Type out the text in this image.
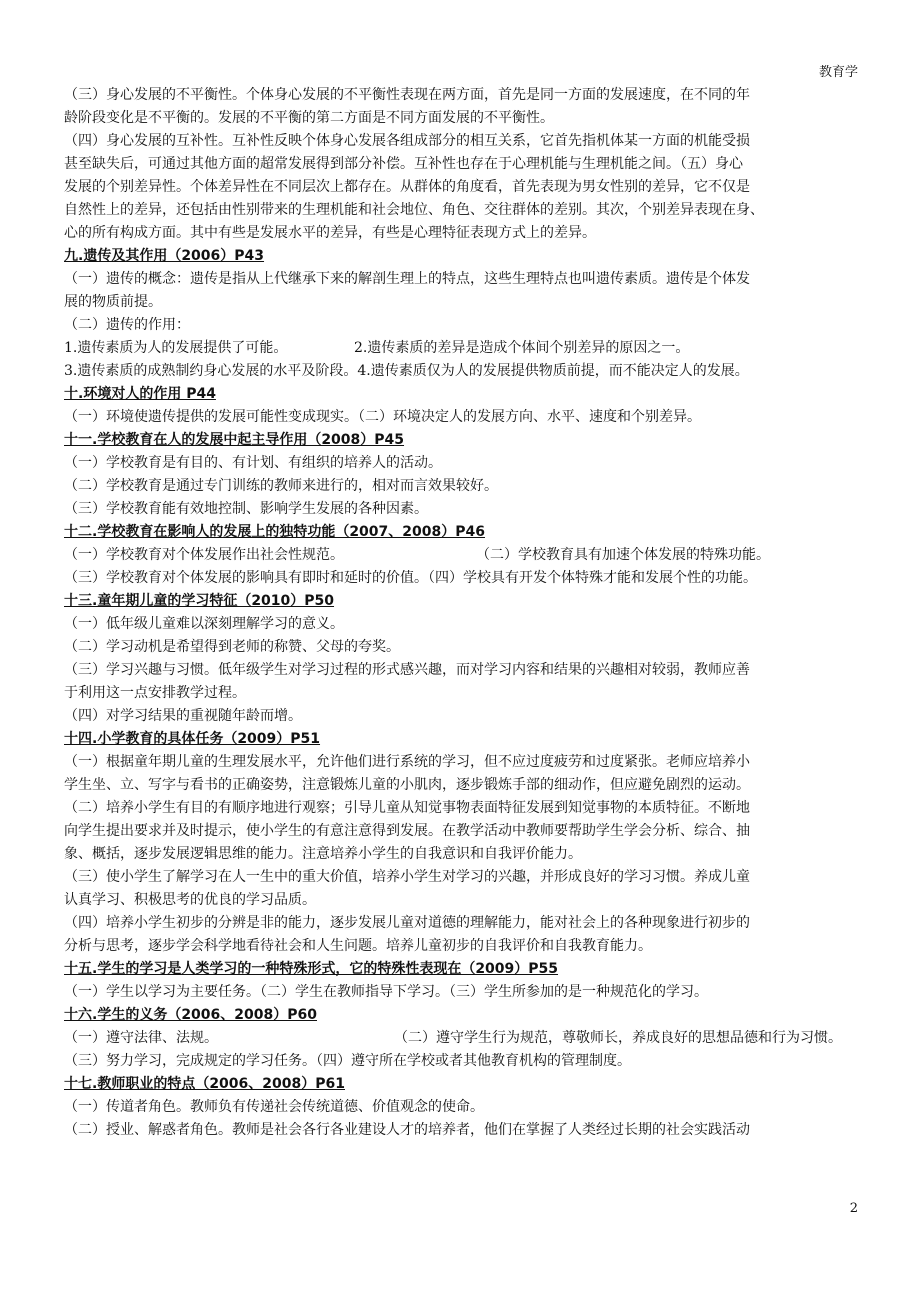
教育学

（三）身心发展的不平衡性。个体身心发展的不平衡性表现在两方面，首先是同一方面的发展速度，在不同的年

龄阶段变化是不平衡的。发展的不平衡的第二方面是不同方面发展的不平衡性。

（四）身心发展的互补性。互补性反映个体身心发展各组成部分的相互关系，它首先指机体某一方面的机能受损

甚至缺失后，可通过其他方面的超常发展得到部分补偿。互补性也存在于心理机能与生理机能之间。（五）身心

发展的个别差异性。个体差异性在不同层次上都存在。从群体的角度看，首先表现为男女性别的差异，它不仅是

自然性上的差异，还包括由性别带来的生理机能和社会地位、角色、交往群体的差别。其次，个别差异表现在身、

心的所有构成方面。其中有些是发展水平的差异，有些是心理特征表现方式上的差异。

九.遗传及其作用（2006）P43

（一）遗传的概念：遗传是指从上代继承下来的解剖生理上的特点，这些生理特点也叫遗传素质。遗传是个体发

展的物质前提。

（二）遗传的作用：

1.遗传素质为人的发展提供了可能。	2.遗传素质的差异是造成个体间个别差异的原因之一。

3.遗传素质的成熟制约身心发展的水平及阶段。4.遗传素质仅为人的发展提供物质前提，而不能决定人的发展。

十.环境对人的作用 P44

（一）环境使遗传提供的发展可能性变成现实。（二）环境决定人的发展方向、水平、速度和个别差异。

十一.学校教育在人的发展中起主导作用（2008）P45

（一）学校教育是有目的、有计划、有组织的培养人的活动。

（二）学校教育是通过专门训练的教师来进行的，相对而言效果较好。

（三）学校教育能有效地控制、影响学生发展的各种因素。

十二.学校教育在影响人的发展上的独特功能（2007、2008）P46

（一）学校教育对个体发展作出社会性规范。	（二）学校教育具有加速个体发展的特殊功能。

（三）学校教育对个体发展的影响具有即时和延时的价值。（四）学校具有开发个体特殊才能和发展个性的功能。

十三.童年期儿童的学习特征（2010）P50

（一）低年级儿童难以深刻理解学习的意义。

（二）学习动机是希望得到老师的称赞、父母的夸奖。

（三）学习兴趣与习惯。低年级学生对学习过程的形式感兴趣，而对学习内容和结果的兴趣相对较弱，教师应善

于利用这一点安排教学过程。

（四）对学习结果的重视随年龄而增。

十四.小学教育的具体任务（2009）P51

（一）根据童年期儿童的生理发展水平，允许他们进行系统的学习，但不应过度疲劳和过度紧张。老师应培养小

学生坐、立、写字与看书的正确姿势，注意锻炼儿童的小肌肉，逐步锻炼手部的细动作，但应避免剧烈的运动。

（二）培养小学生有目的有顺序地进行观察；引导儿童从知觉事物表面特征发展到知觉事物的本质特征。不断地

向学生提出要求并及时提示，使小学生的有意注意得到发展。在教学活动中教师要帮助学生学会分析、综合、抽

象、概括，逐步发展逻辑思维的能力。注意培养小学生的自我意识和自我评价能力。

（三）使小学生了解学习在人一生中的重大价值，培养小学生对学习的兴趣，并形成良好的学习习惯。养成儿童

认真学习、积极思考的优良的学习品质。

（四）培养小学生初步的分辨是非的能力，逐步发展儿童对道德的理解能力，能对社会上的各种现象进行初步的

分析与思考，逐步学会科学地看待社会和人生问题。培养儿童初步的自我评价和自我教育能力。

十五.学生的学习是人类学习的一种特殊形式，它的特殊性表现在（2009）P55

（一）学生以学习为主要任务。（二）学生在教师指导下学习。（三）学生所参加的是一种规范化的学习。

十六.学生的义务（2006、2008）P60

（一）遵守法律、法规。	（二）遵守学生行为规范，尊敬师长，养成良好的思想品德和行为习惯。

（三）努力学习，完成规定的学习任务。（四）遵守所在学校或者其他教育机构的管理制度。

十七.教师职业的特点（2006、2008）P61

（一）传道者角色。教师负有传递社会传统道德、价值观念的使命。

（二）授业、解惑者角色。教师是社会各行各业建设人才的培养者，他们在掌握了人类经过长期的社会实践活动

2
